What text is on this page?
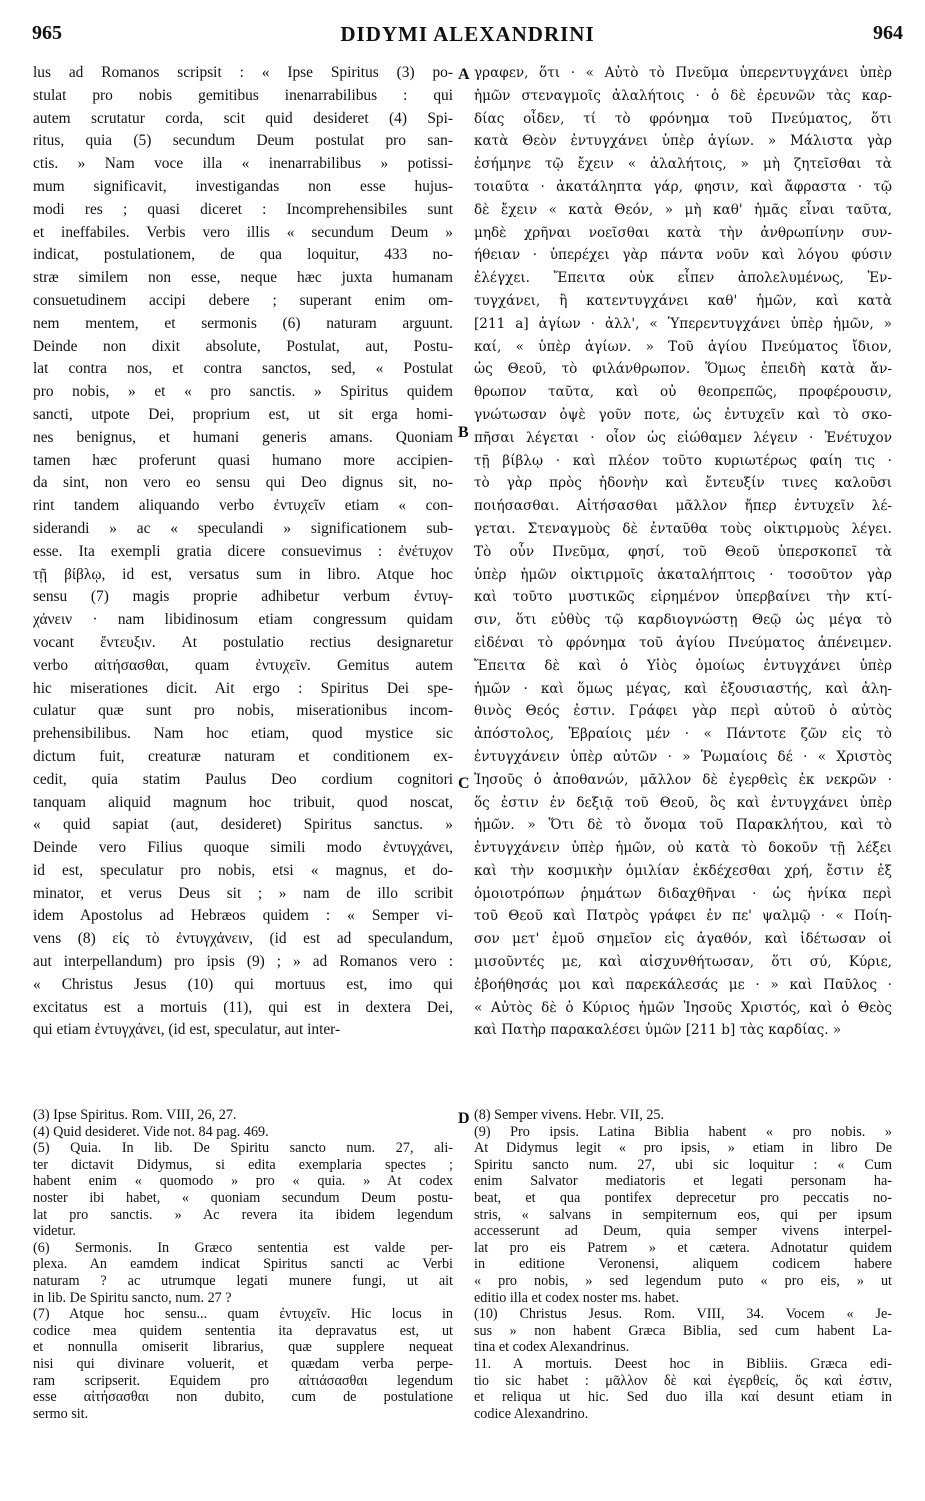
965	DIDYMI ALEXANDRINI	964
lus ad Romanos scripsit : « Ipse Spiritus (3) po-
stulat pro nobis gemitibus inenarrabilibus : qui
autem scrutatur corda, scit quid desideret (4) Spi-
ritus, quia (5) secundum Deum postulat pro san-
ctis. » Nam voce illa « inenarrabilibus » potissi-
mum significavit, investigandas non esse hujus-
modi res ; quasi diceret : Incomprehensibiles sunt
et ineffabiles. Verbis vero illis « secundum Deum »
indicat, postulationem, de qua loquitur, 433 no-
stræ similem non esse, neque hæc juxta humanam
consuetudinem accipi debere ; superant enim om-
nem mentem, et sermonis (6) naturam arguunt.
Deinde non dixit absolute, Postulat, aut, Postu-
lat contra nos, et contra sanctos, sed, « Postulat
pro nobis, » et « pro sanctis. » Spiritus quidem
sancti, utpote Dei, proprium est, ut sit erga homi-
nes benignus, et humani generis amans. Quoniam
tamen hæc proferunt quasi humano more accipien-
da sint, non vero eo sensu qui Deo dignus sit, no-
rint tandem aliquando verbo ἐντυχεῖν etiam « con-
siderandi » ac « speculandi » significationem sub-
esse. Ita exempli gratia dicere consuevimus : ἐνέτυχον
τῇ βίβλῳ, id est, versatus sum in libro. Atque hoc
sensu (7) magis proprie adhibetur verbum ἐντυγ-
χάνειν · nam libidinosum etiam congressum quidam
vocant ἔντευξιν. At postulatio rectius designaretur
verbo αἰτήσασθαι, quam ἐντυχεῖν. Gemitus autem
hic miserationes dicit. Ait ergo : Spiritus Dei spe-
culatur quæ sunt pro nobis, miserationibus incom-
prehensibilibus. Nam hoc etiam, quod mystice sic
dictum fuit, creaturæ naturam et conditionem ex-
cedit, quia statim Paulus Deo cordium cognitori
tanquam aliquid magnum hoc tribuit, quod noscat,
« quid sapiat (aut, desideret) Spiritus sanctus. »
Deinde vero Filius quoque simili modo ἐντυγχάνει,
id est, speculatur pro nobis, etsi « magnus, et do-
minator, et verus Deus sit ; » nam de illo scribit
idem Apostolus ad Hebræos quidem : « Semper vi-
vens (8) εἰς τὸ ἐντυγχάνειν, (id est ad speculandum,
aut interpellandum) pro ipsis (9) ; » ad Romanos vero :
« Christus Jesus (10) qui mortuus est, imo qui
excitatus est a mortuis (11), qui est in dextera Dei,
qui etiam ἐντυγχάνει, (id est, speculatur, aut inter-
γραφεν, ὅτι · « Αὐτὸ τὸ Πνεῦμα ὑπερεντυγχάνει ὑπὲρ
ἡμῶν στεναγμοῖς ἀλαλήτοις · ὁ δὲ ἐρευνῶν τὰς καρ-
δίας οἶδεν, τί τὸ φρόνημα τοῦ Πνεύματος, ὅτι
κατὰ Θεὸν ἐντυγχάνει ὑπὲρ ἁγίων. » Μάλιστα γὰρ
ἐσήμηνε τῷ ἔχειν « ἀλαλήτοις, » μὴ ζητεῖσθαι τὰ
τοιαῦτα · ἀκατάληπτα γάρ, φησιν, καὶ ἄφραστα · τῷ
δὲ ἔχειν « κατὰ Θεόν, » μὴ καθ' ἡμᾶς εἶναι ταῦτα,
μηδὲ χρῆναι νοεῖσθαι κατὰ τὴν ἀνθρωπίνην συν-
ήθειαν · ὑπερέχει γὰρ πάντα νοῦν καὶ λόγου φύσιν
ἐλέγχει. Ἔπειτα οὐκ εἶπεν ἀπολελυμένως, Ἐν-
τυγχάνει, ἢ κατεντυγχάνει καθ' ἡμῶν, καὶ κατὰ
[211 a] ἁγίων · ἀλλ', « Ὑπερεντυγχάνει ὑπὲρ ἡμῶν, »
καί, « ὑπὲρ ἁγίων. » Τοῦ ἁγίου Πνεύματος ἴδιον,
ὡς Θεοῦ, τὸ φιλάνθρωπον. Ὅμως ἐπειδὴ κατὰ ἄν-
θρωπον ταῦτα, καὶ οὐ θεοπρεπῶς, προφέρουσιν,
γνώτωσαν ὀψὲ γοῦν ποτε, ὡς ἐντυχεῖν καὶ τὸ σκο-
πῆσαι λέγεται · οἷον ὡς εἰώθαμεν λέγειν · Ἐνέτυχον
τῇ βίβλῳ · καὶ πλέον τοῦτο κυριωτέρως φαίη τις ·
τὸ γὰρ πρὸς ἡδονὴν καὶ ἔντευξίν τινες καλοῦσι
ποιήσασθαι. Αἰτήσασθαι μᾶλλον ἤπερ ἐντυχεῖν λέ-
γεται. Στεναγμοὺς δὲ ἐνταῦθα τοὺς οἰκτιρμοὺς λέγει.
Τὸ οὖν Πνεῦμα, φησί, τοῦ Θεοῦ ὑπερσκοπεῖ τὰ
ὑπὲρ ἡμῶν οἰκτιρμοῖς ἀκαταλήπτοις · τοσοῦτον γὰρ
καὶ τοῦτο μυστικῶς εἰρημένον ὑπερβαίνει τὴν κτί-
σιν, ὅτι εὐθὺς τῷ καρδιογνώστῃ Θεῷ ὡς μέγα τὸ
εἰδέναι τὸ φρόνημα τοῦ ἁγίου Πνεύματος ἀπένειμεν.
Ἔπειτα δὲ καὶ ὁ Υἱὸς ὁμοίως ἐντυγχάνει ὑπὲρ
ἡμῶν · καὶ ὅμως μέγας, καὶ ἐξουσιαστής, καὶ ἀλη-
θινὸς Θεός ἐστιν. Γράφει γὰρ περὶ αὐτοῦ ὁ αὐτὸς
ἀπόστολος, Ἑβραίοις μέν · « Πάντοτε ζῶν εἰς τὸ
ἐντυγχάνειν ὑπὲρ αὐτῶν · » Ῥωμαίοις δέ · « Χριστὸς
Ἰησοῦς ὁ ἀποθανών, μᾶλλον δὲ ἐγερθεὶς ἐκ νεκρῶν ·
ὅς ἐστιν ἐν δεξιᾷ τοῦ Θεοῦ, ὃς καὶ ἐντυγχάνει ὑπὲρ
ἡμῶν. » Ὅτι δὲ τὸ ὄνομα τοῦ Παρακλήτου, καὶ τὸ
ἐντυγχάνειν ὑπὲρ ἡμῶν, οὐ κατὰ τὸ δοκοῦν τῇ λέξει
καὶ τὴν κοσμικὴν ὁμιλίαν ἐκδέχεσθαι χρή, ἔστιν ἐξ
ὁμοιοτρόπων ῥημάτων διδαχθῆναι · ὡς ἡνίκα περὶ
τοῦ Θεοῦ καὶ Πατρὸς γράφει ἐν πε' ψαλμῷ · « Ποίη-
σον μετ' ἐμοῦ σημεῖον εἰς ἀγαθόν, καὶ ἰδέτωσαν οἱ
μισοῦντές με, καὶ αἰσχυνθήτωσαν, ὅτι σύ, Κύριε,
ἐβοήθησάς μοι καὶ παρεκάλεσάς με · » καὶ Παῦλος ·
« Αὐτὸς δὲ ὁ Κύριος ἡμῶν Ἰησοῦς Χριστός, καὶ ὁ Θεὸς
καὶ Πατὴρ παρακαλέσει ὑμῶν [211 b] τὰς καρδίας. »
A
B
C
D
(3) Ipse Spiritus. Rom. VIII, 26, 27.
(4) Quid desideret. Vide not. 84 pag. 469.
(5) Quia. In lib. De Spiritu sancto num. 27, ali-
ter dictavit Didymus, si edita exemplaria spectes ;
habent enim « quomodo » pro « quia. » At codex
noster ibi habet, « quoniam secundum Deum postu-
lat pro sanctis. » Ac revera ita ibidem legendum
videtur.
(6) Sermonis. In Græco sententia est valde per-
plexa. An eamdem indicat Spiritus sancti ac Verbi
naturam ? ac utrumque legati munere fungi, ut ait
in lib. De Spiritu sancto, num. 27 ?
(7) Atque hoc sensu... quam ἐντυχεῖν. Hic locus in
codice mea quidem sententia ita depravatus est, ut
et nonnulla omiserit librarius, quæ supplere nequeat
nisi qui divinare voluerit, et quædam verba perpe-
ram scripserit. Equidem pro αἰτιάσασθαι legendum
esse αἰτήσασθαι non dubito, cum de postulatione
sermo sit.
(8) Semper vivens. Hebr. VII, 25.
(9) Pro ipsis. Latina Biblia habent « pro nobis. »
At Didymus legit « pro ipsis, » etiam in libro De
Spiritu sancto num. 27, ubi sic loquitur : « Cum
enim Salvator mediatoris et legati personam ha-
beat, et qua pontifex deprecetur pro peccatis no-
stris, « salvans in sempiternum eos, qui per ipsum
accesserunt ad Deum, quia semper vivens interpel-
lat pro eis Patrem » et cætera. Adnotatur quidem
in editione Veronensi, aliquem codicem habere
« pro nobis, » sed legendum puto « pro eis, » ut
editio illa et codex noster ms. habet.
(10) Christus Jesus. Rom. VIII, 34. Vocem « Je-
sus » non habent Græca Biblia, sed cum habent La-
tina et codex Alexandrinus.
11. A mortuis. Deest hoc in Bibliis. Græca edi-
tio sic habet : μᾶλλον δὲ καὶ ἐγερθείς, ὅς καὶ ἐστιν,
et reliqua ut hic. Sed duo illa καί desunt etiam in
codice Alexandrino.
